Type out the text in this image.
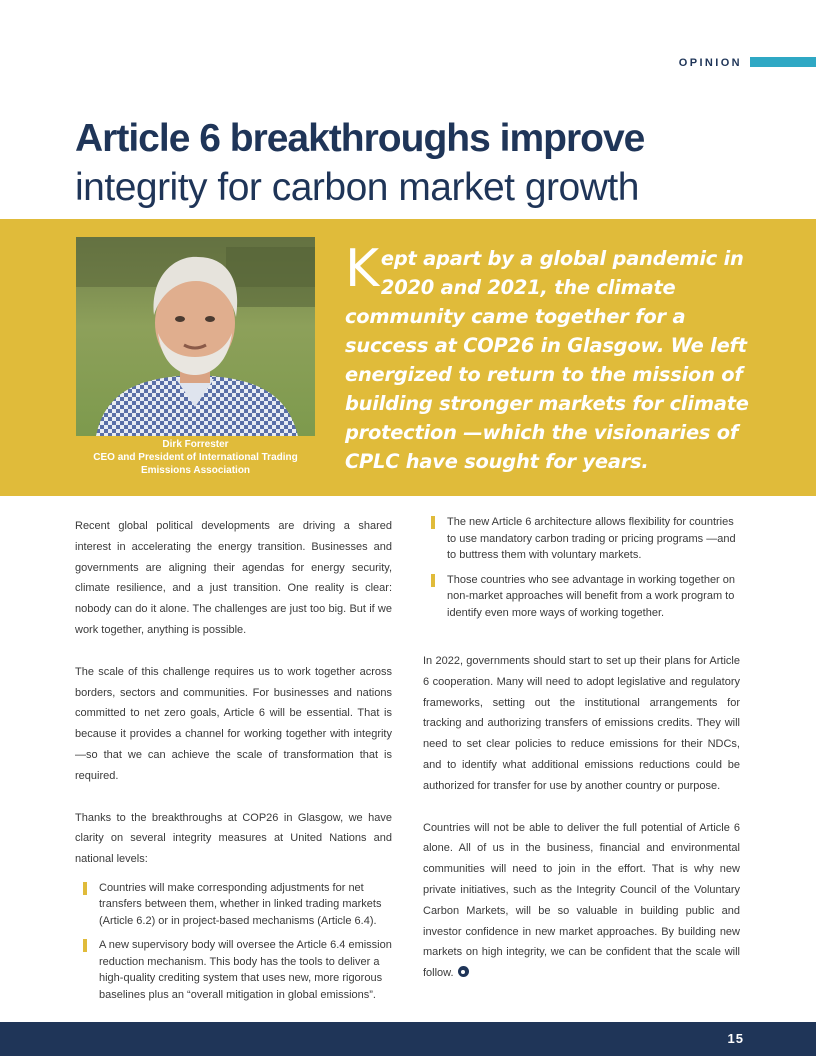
OPINION
Article 6 breakthroughs improve
integrity for carbon market growth
Dirk Forrester
CEO and President of International Trading Emissions Association
Kept apart by a global pandemic in 2020 and 2021, the climate community came together for a success at COP26 in Glasgow. We left energized to return to the mission of building stronger markets for climate protection —which the visionaries of CPLC have sought for years.

Recent global political developments are driving a shared interest in accelerating the energy transition. Businesses and governments are aligning their agendas for energy security, climate resilience, and a just transition. One reality is clear: nobody can do it alone. The challenges are just too big. But if we work together, anything is possible.

The scale of this challenge requires us to work together across borders, sectors and communities. For businesses and nations committed to net zero goals, Article 6 will be essential. That is because it provides a channel for working together with integrity—so that we can achieve the scale of transformation that is required.

Thanks to the breakthroughs at COP26 in Glasgow, we have clarity on several integrity measures at United Nations and national levels:

Countries will make corresponding adjustments for net transfers between them, whether in linked trading markets (Article 6.2) or in project-based mechanisms (Article 6.4).
A new supervisory body will oversee the Article 6.4 emission reduction mechanism. This body has the tools to deliver a high-quality crediting system that uses new, more rigorous baselines plus an “overall mitigation in global emissions”.
The new Article 6 architecture allows flexibility for countries to use mandatory carbon trading or pricing programs —and to buttress them with voluntary markets.
Those countries who see advantage in working together on non-market approaches will benefit from a work program to identify even more ways of working together.

In 2022, governments should start to set up their plans for Article 6 cooperation. Many will need to adopt legislative and regulatory frameworks, setting out the institutional arrangements for tracking and authorizing transfers of emissions credits. They will need to set clear policies to reduce emissions for their NDCs, and to identify what additional emissions reductions could be authorized for transfer for use by another country or purpose.

Countries will not be able to deliver the full potential of Article 6 alone. All of us in the business, financial and environmental communities will need to join in the effort. That is why new private initiatives, such as the Integrity Council of the Voluntary Carbon Markets, will be so valuable in building public and investor confidence in new market approaches. By building new markets on high integrity, we can be confident that the scale will follow.

15
